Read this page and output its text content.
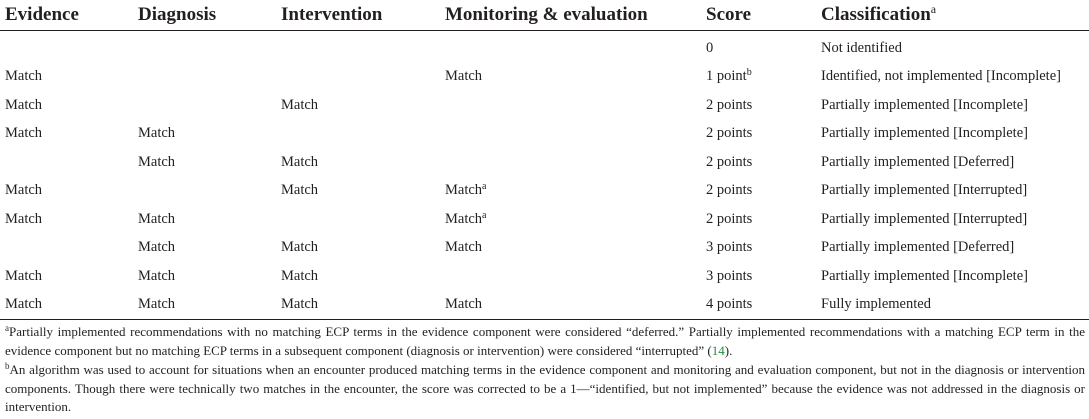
Evidence	Diagnosis	Intervention	Monitoring & evaluation	Score	Classification$^a$
				0	Not identified
Match			Match	1 point$^b$	Identified, not implemented [Incomplete]
Match		Match		2 points	Partially implemented [Incomplete]
Match	Match			2 points	Partially implemented [Incomplete]
	Match	Match		2 points	Partially implemented [Deferred]
Match		Match	Match$^a$	2 points	Partially implemented [Interrupted]
Match	Match		Match$^a$	2 points	Partially implemented [Interrupted]
	Match	Match	Match	3 points	Partially implemented [Deferred]
Match	Match	Match		3 points	Partially implemented [Incomplete]
Match	Match	Match	Match	4 points	Fully implemented

$^a$Partially implemented recommendations with no matching ECP terms in the evidence component were considered “deferred.” Partially implemented recommendations with a matching ECP term in the evidence component but no matching ECP terms in a subsequent component (diagnosis or intervention) were considered “interrupted” (14).

$^b$An algorithm was used to account for situations when an encounter produced matching terms in the evidence component and monitoring and evaluation component, but not in the diagnosis or intervention components. Though there were technically two matches in the encounter, the score was corrected to be a 1—“identified, but not implemented” because the evidence was not addressed in the diagnosis or intervention.
